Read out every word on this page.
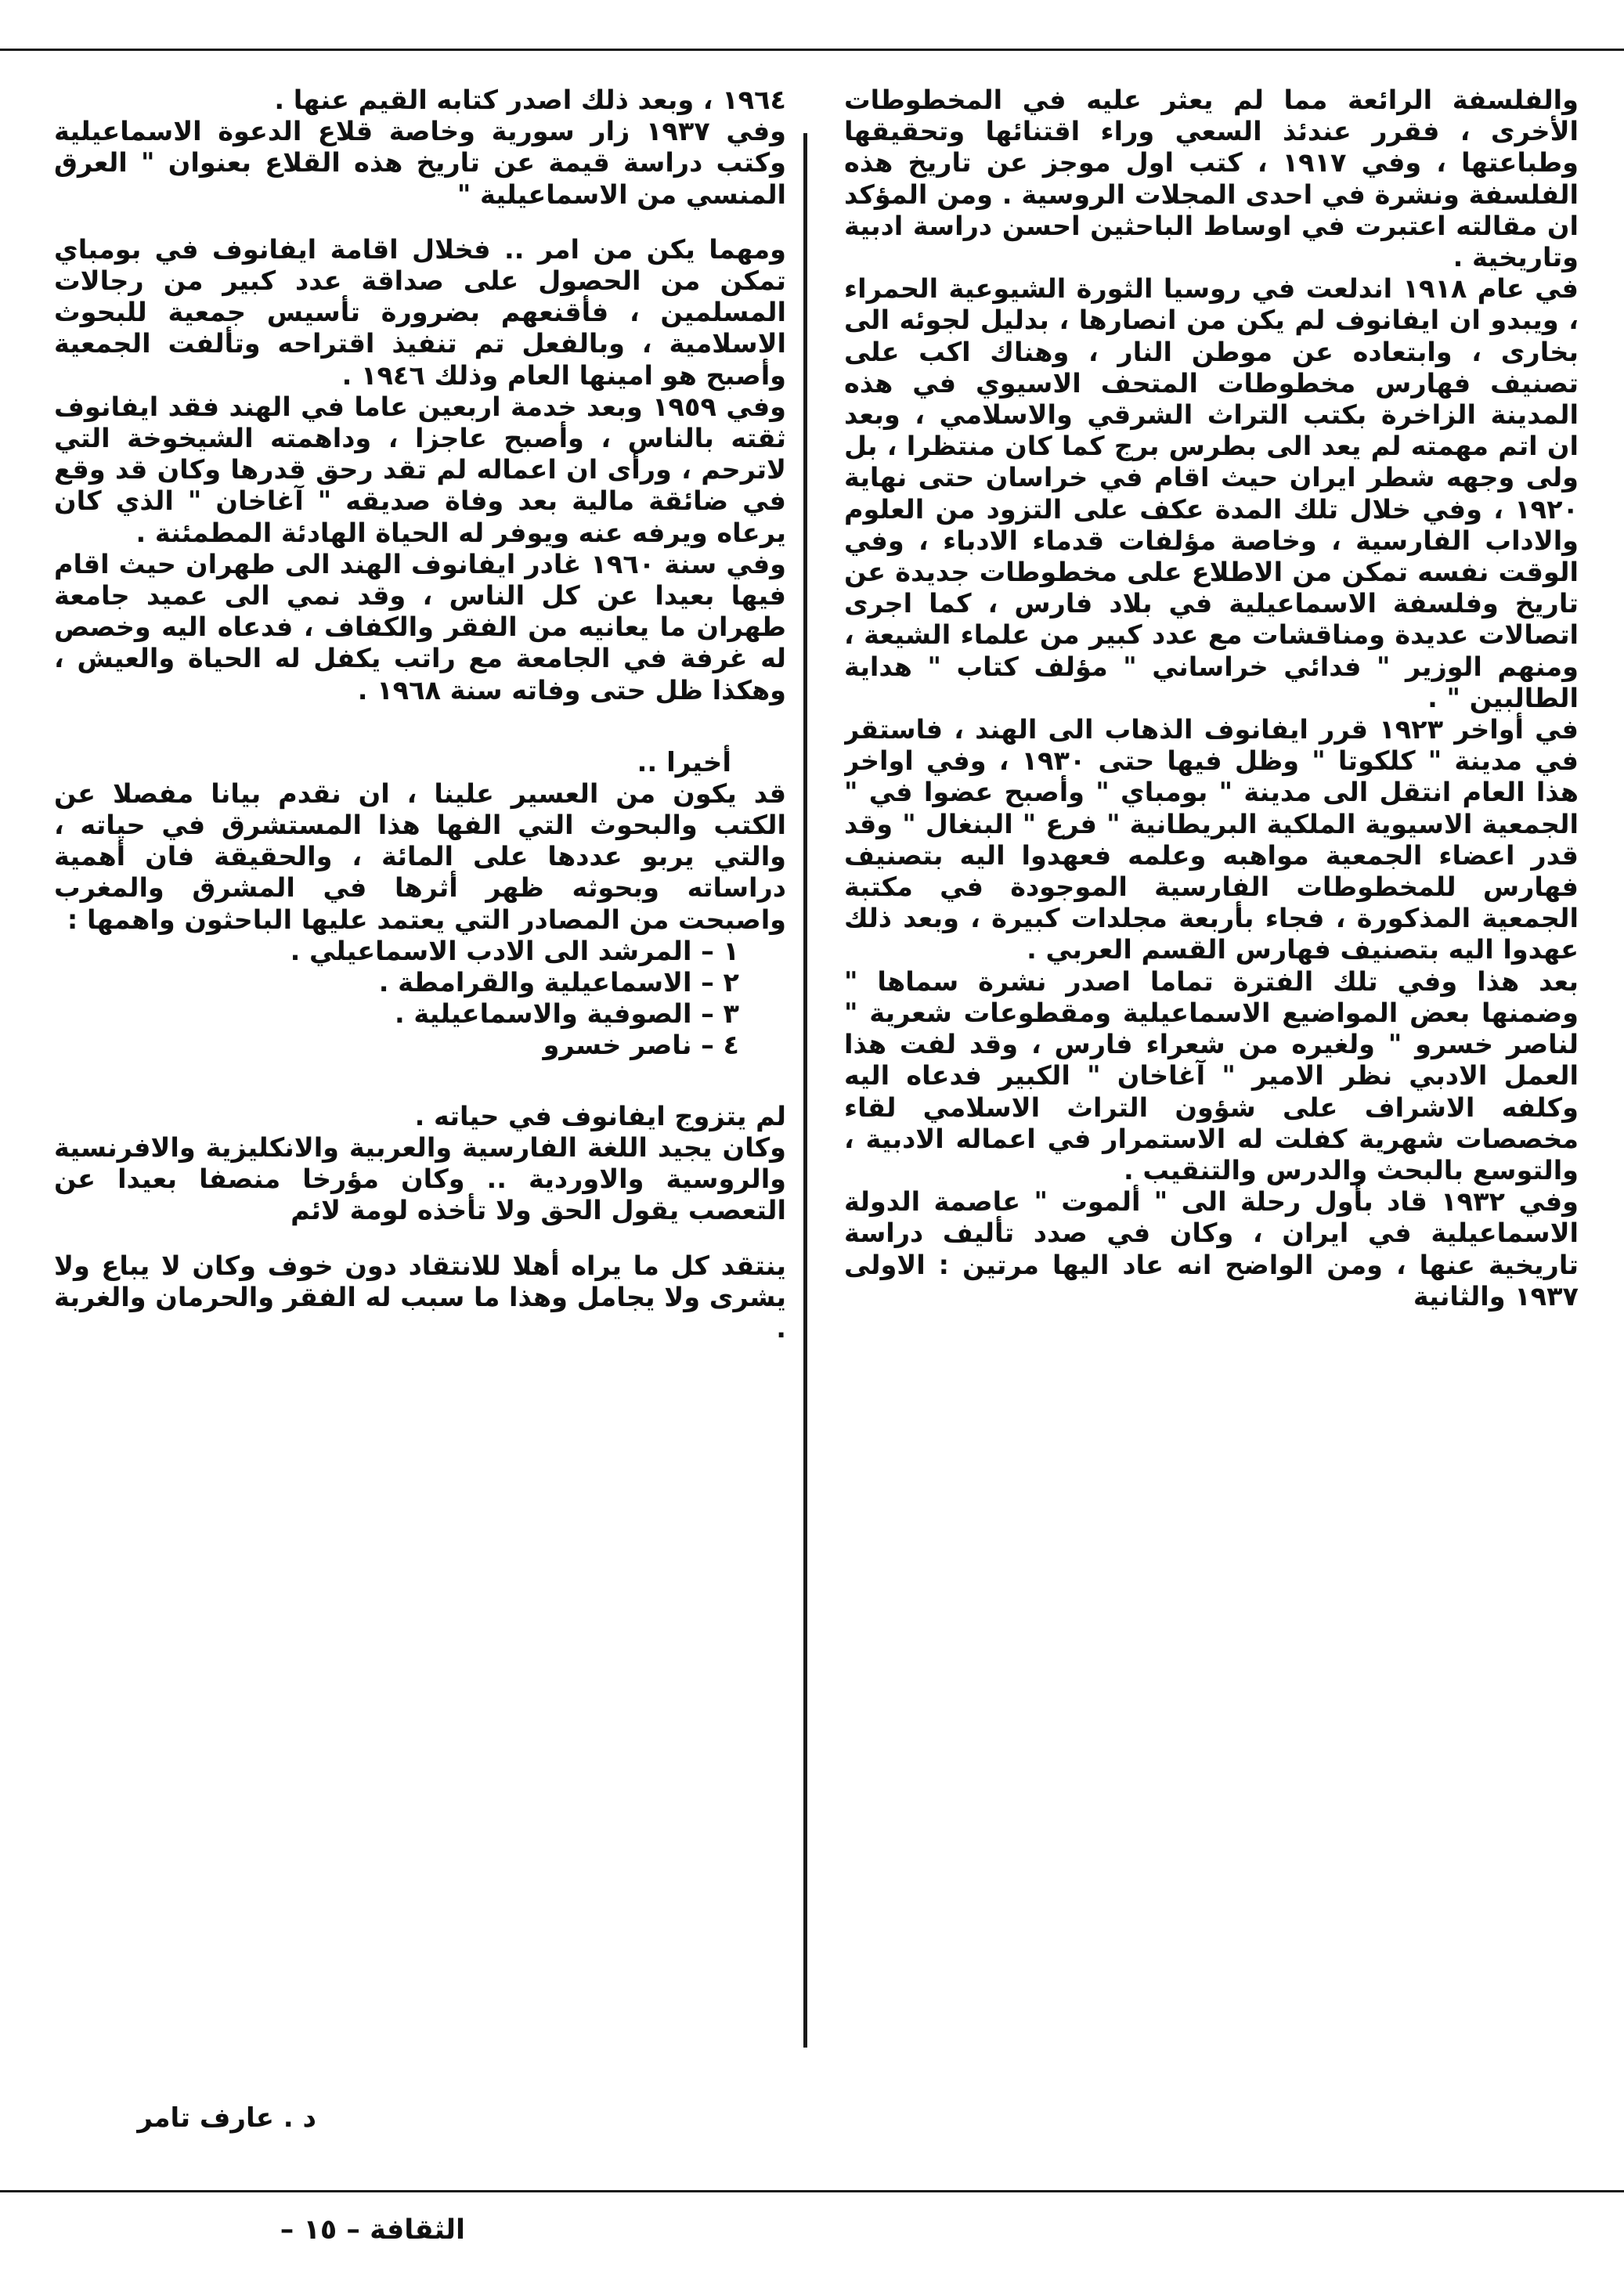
والفلسفة الرائعة مما لم يعثر عليه في المخطوطات الأخرى ، فقرر عندئذ السعي وراء اقتنائها وتحقيقها وطباعتها ، وفي ١٩١٧ ، كتب اول موجز عن تاريخ هذه الفلسفة ونشرة في احدى المجلات الروسية . ومن المؤكد ان مقالته اعتبرت في اوساط الباحثين احسن دراسة ادبية وتاريخية .

في عام ١٩١٨ اندلعت في روسيا الثورة الشيوعية الحمراء ، ويبدو ان ايفانوف لم يكن من انصارها ، بدليل لجوئه الى بخارى ، وابتعاده عن موطن النار ، وهناك اكب على تصنيف فهارس مخطوطات المتحف الاسيوي في هذه المدينة الزاخرة بكتب التراث الشرقي والاسلامي ، وبعد ان اتم مهمته لم يعد الى بطرس برج كما كان منتظرا ، بل ولى وجهه شطر ايران حيث اقام في خراسان حتى نهاية ١٩٢٠ ، وفي خلال تلك المدة عكف على التزود من العلوم والاداب الفارسية ، وخاصة مؤلفات قدماء الادباء ، وفي الوقت نفسه تمكن من الاطلاع على مخطوطات جديدة عن تاريخ وفلسفة الاسماعيلية في بلاد فارس ، كما اجرى اتصالات عديدة ومناقشات مع عدد كبير من علماء الشيعة ، ومنهم الوزير " فدائي خراساني " مؤلف كتاب " هداية الطالبين " .

في أواخر ١٩٢٣ قرر ايفانوف الذهاب الى الهند ، فاستقر في مدينة " كلكوتا " وظل فيها حتى ١٩٣٠ ، وفي اواخر هذا العام انتقل الى مدينة " بومباي " وأصبح عضوا في " الجمعية الاسيوية الملكية البريطانية " فرع " البنغال " وقد قدر اعضاء الجمعية مواهبه وعلمه فعهدوا اليه بتصنيف فهارس للمخطوطات الفارسية الموجودة في مكتبة الجمعية المذكورة ، فجاء بأربعة مجلدات كبيرة ، وبعد ذلك عهدوا اليه بتصنيف فهارس القسم العربي .

بعد هذا وفي تلك الفترة تماما اصدر نشرة سماها " وضمنها بعض المواضيع الاسماعيلية ومقطوعات شعرية " لناصر خسرو " ولغيره من شعراء فارس ، وقد لفت هذا العمل الادبي نظر الامير " آغاخان " الكبير فدعاه اليه وكلفه الاشراف على شؤون التراث الاسلامي لقاء مخصصات شهرية كفلت له الاستمرار في اعماله الادبية ، والتوسع بالبحث والدرس والتنقيب .

وفي ١٩٣٢ قاد بأول رحلة الى " ألموت " عاصمة الدولة الاسماعيلية في ايران ، وكان في صدد تأليف دراسة تاريخية عنها ، ومن الواضح انه عاد اليها مرتين : الاولى ١٩٣٧ والثانية

١٩٦٤ ، وبعد ذلك اصدر كتابه القيم عنها .

وفي ١٩٣٧ زار سورية وخاصة قلاع الدعوة الاسماعيلية وكتب دراسة قيمة عن تاريخ هذه القلاع بعنوان " العرق المنسي من الاسماعيلية "

ومهما يكن من امر .. فخلال اقامة ايفانوف في بومباي تمكن من الحصول على صداقة عدد كبير من رجالات المسلمين ، فأقنعهم بضرورة تأسيس جمعية للبحوث الاسلامية ، وبالفعل تم تنفيذ اقتراحه وتألفت الجمعية وأصبح هو امينها العام وذلك ١٩٤٦ .

وفي ١٩٥٩ وبعد خدمة اربعين عاما في الهند فقد ايفانوف ثقته بالناس ، وأصبح عاجزا ، وداهمته الشيخوخة التي لاترحم ، ورأى ان اعماله لم تقد رحق قدرها وكان قد وقع في ضائقة مالية بعد وفاة صديقه " آغاخان " الذي كان يرعاه ويرفه عنه ويوفر له الحياة الهادئة المطمئنة .

وفي سنة ١٩٦٠ غادر ايفانوف الهند الى طهران حيث اقام فيها بعيدا عن كل الناس ، وقد نمي الى عميد جامعة طهران ما يعانيه من الفقر والكفاف ، فدعاه اليه وخصص له غرفة في الجامعة مع راتب يكفل له الحياة والعيش ، وهكذا ظل حتى وفاته سنة ١٩٦٨ .

أخيرا ..

قد يكون من العسير علينا ، ان نقدم بيانا مفصلا عن الكتب والبحوث التي الفها هذا المستشرق في حياته ، والتي يربو عددها على المائة ، والحقيقة فان أهمية دراساته وبحوثه ظهر أثرها في المشرق والمغرب واصبحت من المصادر التي يعتمد عليها الباحثون واهمها :

١ – المرشد الى الادب الاسماعيلي .
٢ – الاسماعيلية والقرامطة .
٣ – الصوفية والاسماعيلية .
٤ – ناصر خسرو

لم يتزوج ايفانوف في حياته .

وكان يجيد اللغة الفارسية والعربية والانكليزية والافرنسية والروسية والاوردية .. وكان مؤرخا منصفا بعيدا عن التعصب يقول الحق ولا تأخذه لومة لائم

ينتقد كل ما يراه أهلا للانتقاد دون خوف وكان لا يباع ولا يشرى ولا يجامل وهذا ما سبب له الفقر والحرمان والغربة .

د . عارف تامر
الثقافة – ١٥ –
